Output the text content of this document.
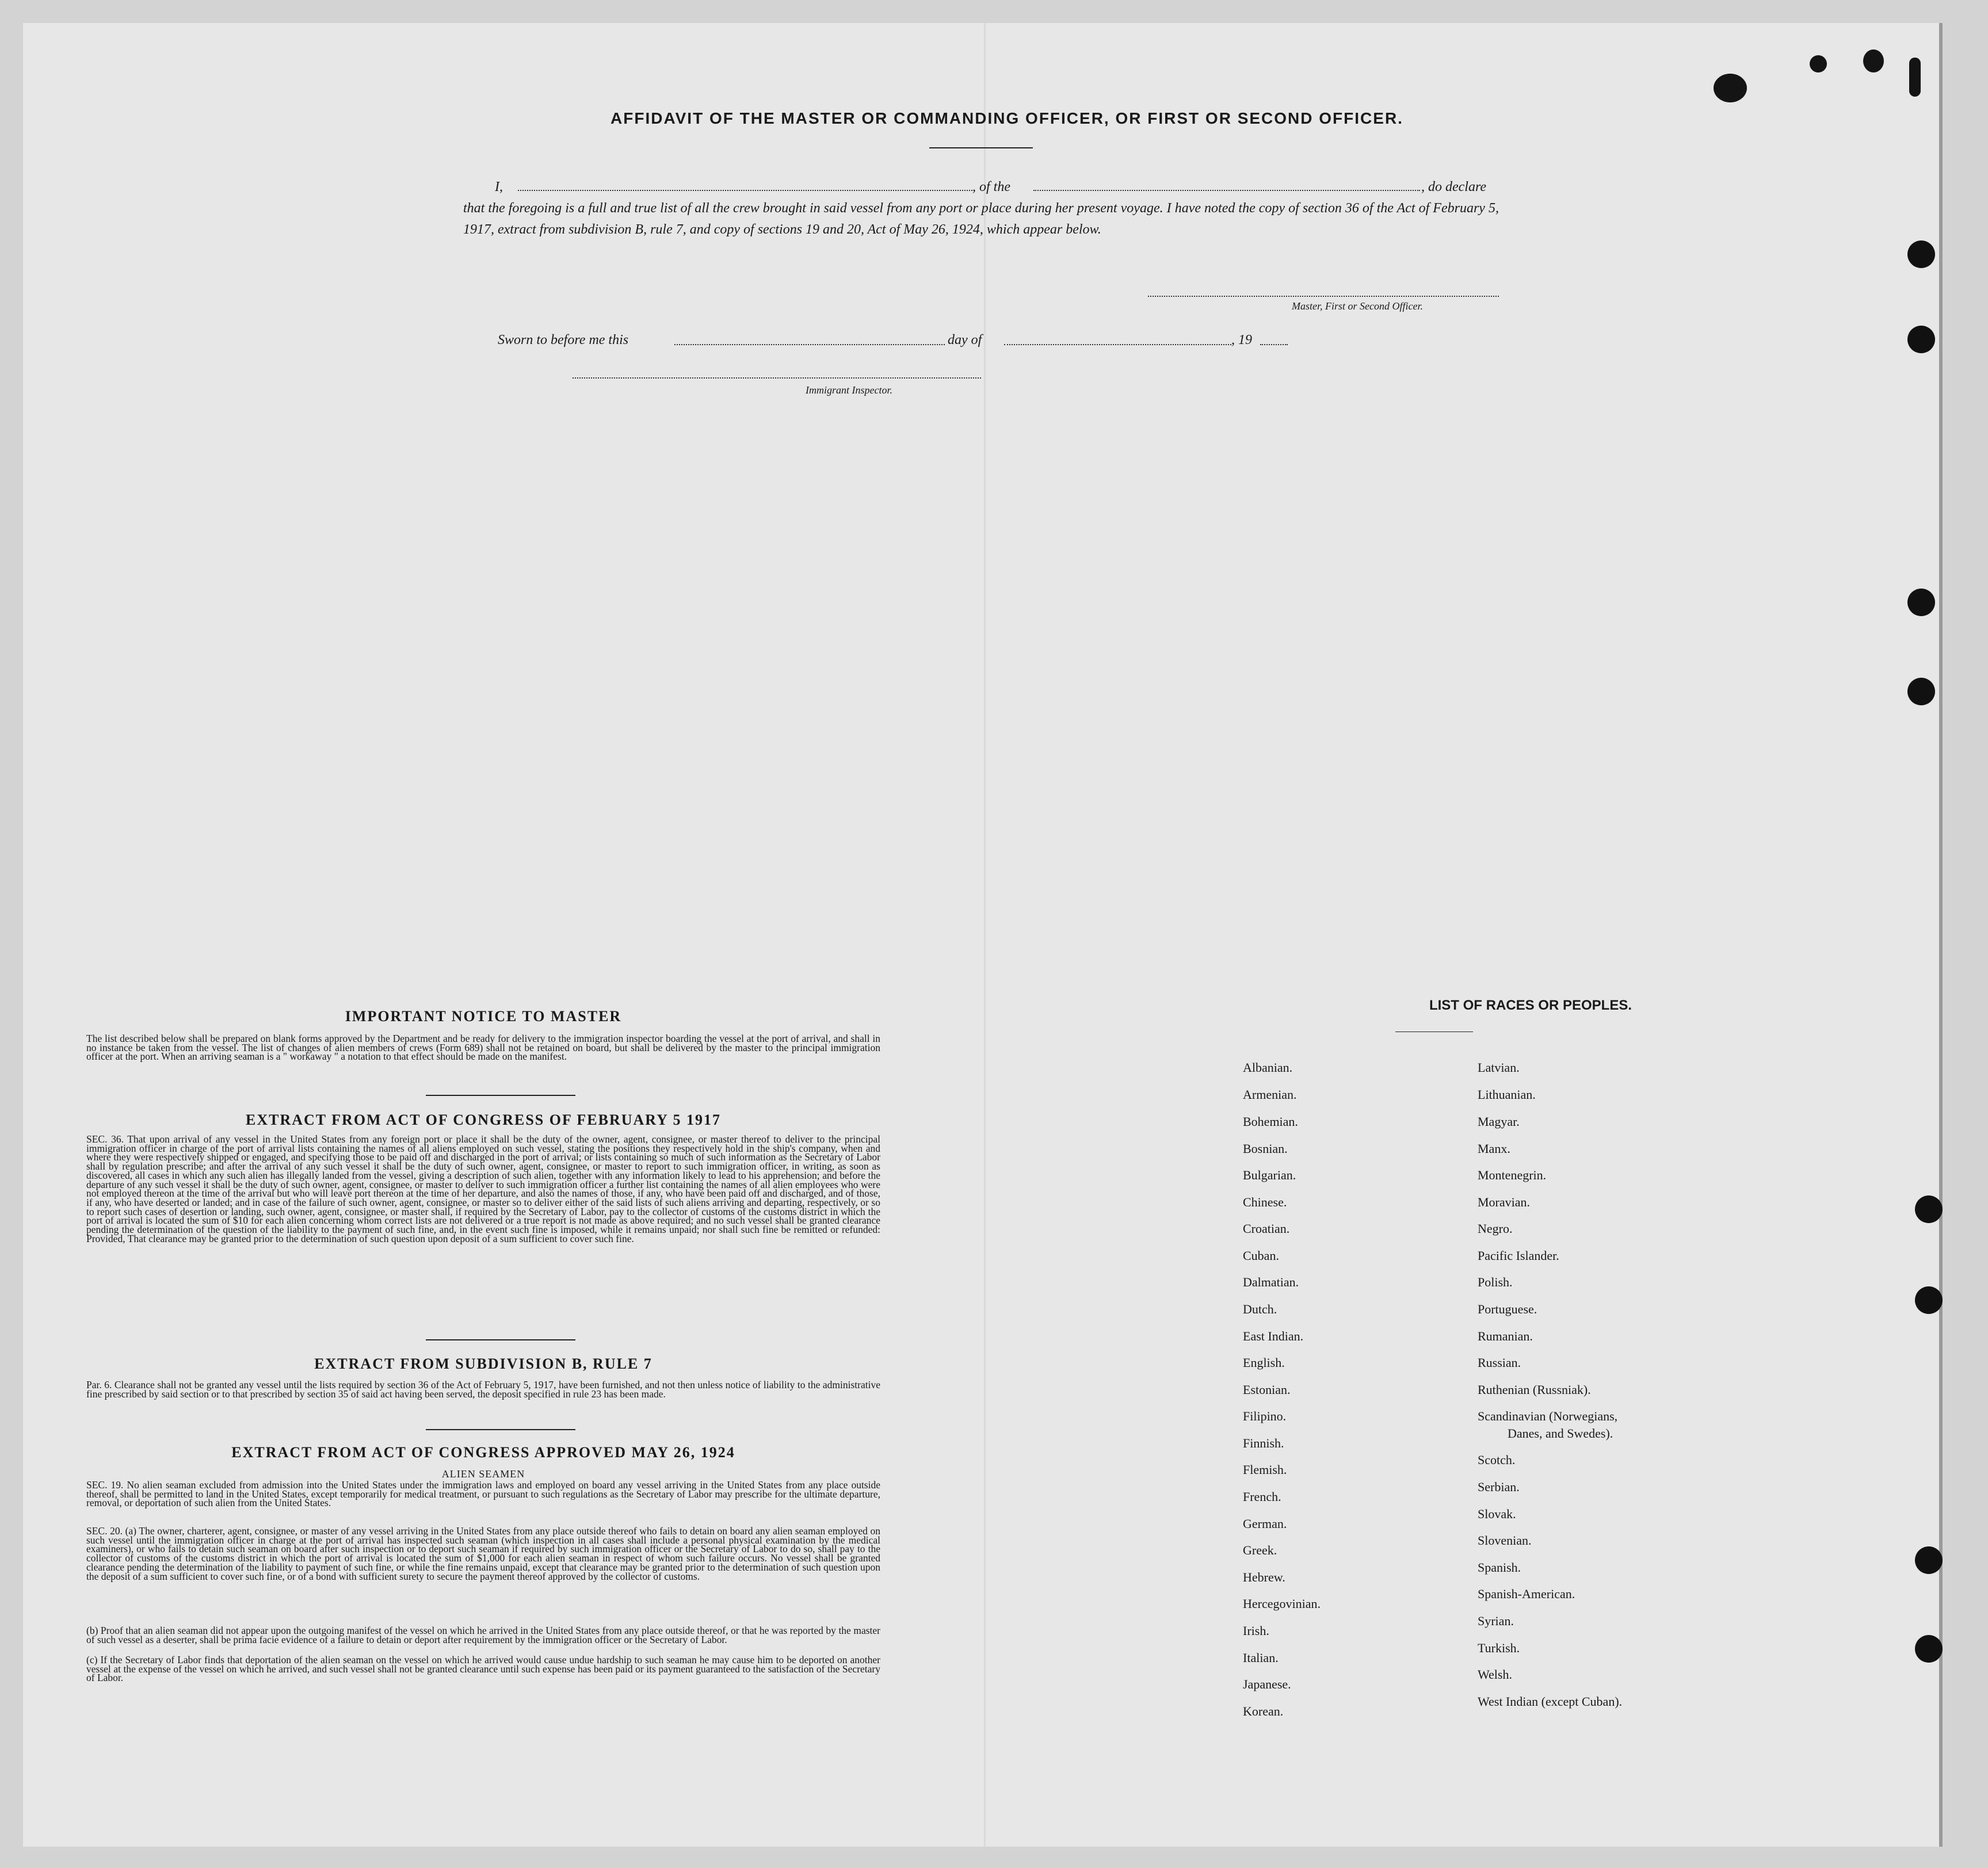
AFFIDAVIT OF THE MASTER OR COMMANDING OFFICER, OR FIRST OR SECOND OFFICER.
I,	, of the	, do declare
that the foregoing is a full and true list of all the crew brought in said vessel from any port or place during her present voyage. I have noted the copy of section 36 of the Act of February 5, 1917, extract from subdivision B, rule 7, and copy of sections 19 and 20, Act of May 26, 1924, which appear below.
Master, First or Second Officer.
Sworn to before me this	day of	, 19
Immigrant Inspector.
IMPORTANT NOTICE TO MASTER
The list described below shall be prepared on blank forms approved by the Department and be ready for delivery to the immigration inspector boarding the vessel at the port of arrival, and shall in no instance be taken from the vessel. The list of changes of alien members of crews (Form 689) shall not be retained on board, but shall be delivered by the master to the principal immigration officer at the port. When an arriving seaman is a " workaway " a notation to that effect should be made on the manifest.
EXTRACT FROM ACT OF CONGRESS OF FEBRUARY 5 1917
SEC. 36. That upon arrival of any vessel in the United States from any foreign port or place it shall be the duty of the owner, agent, consignee, or master thereof to deliver to the principal immigration officer in charge of the port of arrival lists containing the names of all aliens employed on such vessel, stating the positions they respectively hold in the ship's company, when and where they were respectively shipped or engaged, and specifying those to be paid off and discharged in the port of arrival; or lists containing so much of such information as the Secretary of Labor shall by regulation prescribe; and after the arrival of any such vessel it shall be the duty of such owner, agent, consignee, or master to report to such immigration officer, in writing, as soon as discovered, all cases in which any such alien has illegally landed from the vessel, giving a description of such alien, together with any information likely to lead to his apprehension; and before the departure of any such vessel it shall be the duty of such owner, agent, consignee, or master to deliver to such immigration officer a further list containing the names of all alien employees who were not employed thereon at the time of the arrival but who will leave port thereon at the time of her departure, and also the names of those, if any, who have been paid off and discharged, and of those, if any, who have deserted or landed; and in case of the failure of such owner, agent, consignee, or master so to deliver either of the said lists of such aliens arriving and departing, respectively, or so to report such cases of desertion or landing, such owner, agent, consignee, or master shall, if required by the Secretary of Labor, pay to the collector of customs of the customs district in which the port of arrival is located the sum of $10 for each alien concerning whom correct lists are not delivered or a true report is not made as above required; and no such vessel shall be granted clearance pending the determination of the question of the liability to the payment of such fine, and, in the event such fine is imposed, while it remains unpaid; nor shall such fine be remitted or refunded: Provided, That clearance may be granted prior to the determination of such question upon deposit of a sum sufficient to cover such fine.
EXTRACT FROM SUBDIVISION B, RULE 7
Par. 6. Clearance shall not be granted any vessel until the lists required by section 36 of the Act of February 5, 1917, have been furnished, and not then unless notice of liability to the administrative fine prescribed by said section or to that prescribed by section 35 of said act having been served, the deposit specified in rule 23 has been made.
EXTRACT FROM ACT OF CONGRESS APPROVED MAY 26, 1924
ALIEN SEAMEN
SEC. 19. No alien seaman excluded from admission into the United States under the immigration laws and employed on board any vessel arriving in the United States from any place outside thereof, shall be permitted to land in the United States, except temporarily for medical treatment, or pursuant to such regulations as the Secretary of Labor may prescribe for the ultimate departure, removal, or deportation of such alien from the United States.
SEC. 20. (a) The owner, charterer, agent, consignee, or master of any vessel arriving in the United States from any place outside thereof who fails to detain on board any alien seaman employed on such vessel until the immigration officer in charge at the port of arrival has inspected such seaman (which inspection in all cases shall include a personal physical examination by the medical examiners), or who fails to detain such seaman on board after such inspection or to deport such seaman if required by such immigration officer or the Secretary of Labor to do so, shall pay to the collector of customs of the customs district in which the port of arrival is located the sum of $1,000 for each alien seaman in respect of whom such failure occurs. No vessel shall be granted clearance pending the determination of the liability to payment of such fine, or while the fine remains unpaid, except that clearance may be granted prior to the determination of such question upon the deposit of a sum sufficient to cover such fine, or of a bond with sufficient surety to secure the payment thereof approved by the collector of customs.
(b) Proof that an alien seaman did not appear upon the outgoing manifest of the vessel on which he arrived in the United States from any place outside thereof, or that he was reported by the master of such vessel as a deserter, shall be prima facie evidence of a failure to detain or deport after requirement by the immigration officer or the Secretary of Labor.
(c) If the Secretary of Labor finds that deportation of the alien seaman on the vessel on which he arrived would cause undue hardship to such seaman he may cause him to be deported on another vessel at the expense of the vessel on which he arrived, and such vessel shall not be granted clearance until such expense has been paid or its payment guaranteed to the satisfaction of the Secretary of Labor.
LIST OF RACES OR PEOPLES.
Albanian.
Armenian.
Bohemian.
Bosnian.
Bulgarian.
Chinese.
Croatian.
Cuban.
Dalmatian.
Dutch.
East Indian.
English.
Estonian.
Filipino.
Finnish.
Flemish.
French.
German.
Greek.
Hebrew.
Hercegovinian.
Irish.
Italian.
Japanese.
Korean.
Latvian.
Lithuanian.
Magyar.
Manx.
Montenegrin.
Moravian.
Negro.
Pacific Islander.
Polish.
Portuguese.
Rumanian.
Russian.
Ruthenian (Russniak).
Scandinavian (Norwegians,
Danes, and Swedes).
Scotch.
Serbian.
Slovak.
Slovenian.
Spanish.
Spanish-American.
Syrian.
Turkish.
Welsh.
West Indian (except Cuban).
